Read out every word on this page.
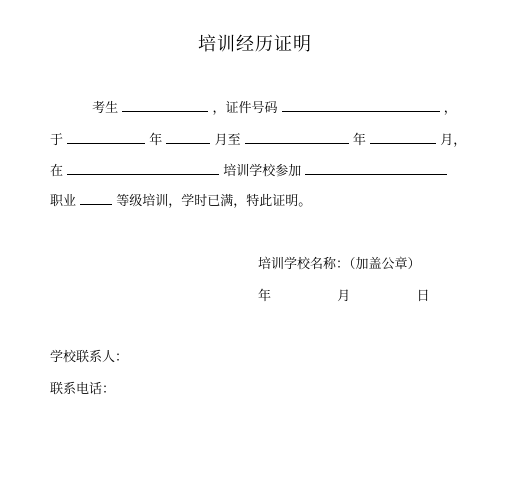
培训经历证明
考生	，证件号码	，
于	年	月至	年	月，
在	培训学校参加
职业	等级培训，学时已满，特此证明。
培训学校名称：（加盖公章）
年	月	日
学校联系人：
联系电话：
